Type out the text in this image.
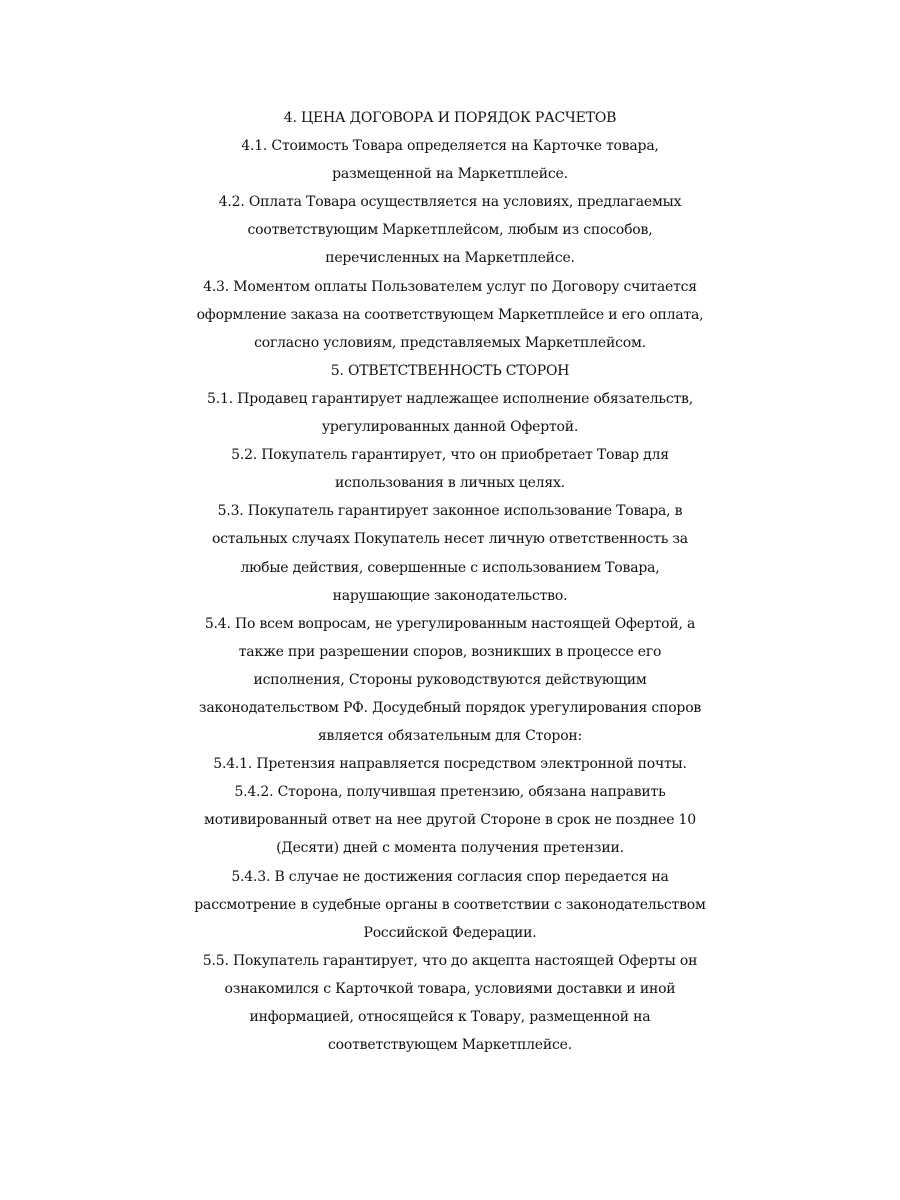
4. ЦЕНА ДОГОВОРА И ПОРЯДОК РАСЧЕТОВ
4.1. Стоимость Товара определяется на Карточке товара,
размещенной на Маркетплейсе.
4.2. Оплата Товара осуществляется на условиях, предлагаемых
соответствующим Маркетплейсом, любым из способов,
перечисленных на Маркетплейсе.
4.3. Моментом оплаты Пользователем услуг по Договору считается
оформление заказа на соответствующем Маркетплейсе и его оплата,
согласно условиям, представляемых Маркетплейсом.
5. ОТВЕТСТВЕННОСТЬ СТОРОН
5.1. Продавец гарантирует надлежащее исполнение обязательств,
урегулированных данной Офертой.
5.2. Покупатель гарантирует, что он приобретает Товар для
использования в личных целях.
5.3. Покупатель гарантирует законное использование Товара, в
остальных случаях Покупатель несет личную ответственность за
любые действия, совершенные с использованием Товара,
нарушающие законодательство.
5.4. По всем вопросам, не урегулированным настоящей Офертой, а
также при разрешении споров, возникших в процессе его
исполнения, Стороны руководствуются действующим
законодательством РФ. Досудебный порядок урегулирования споров
является обязательным для Сторон:
5.4.1. Претензия направляется посредством электронной почты.
5.4.2. Сторона, получившая претензию, обязана направить
мотивированный ответ на нее другой Стороне в срок не позднее 10
(Десяти) дней с момента получения претензии.
5.4.3. В случае не достижения согласия спор передается на
рассмотрение в судебные органы в соответствии с законодательством
Российской Федерации.
5.5. Покупатель гарантирует, что до акцепта настоящей Оферты он
ознакомился с Карточкой товара, условиями доставки и иной
информацией, относящейся к Товару, размещенной на
соответствующем Маркетплейсе.
